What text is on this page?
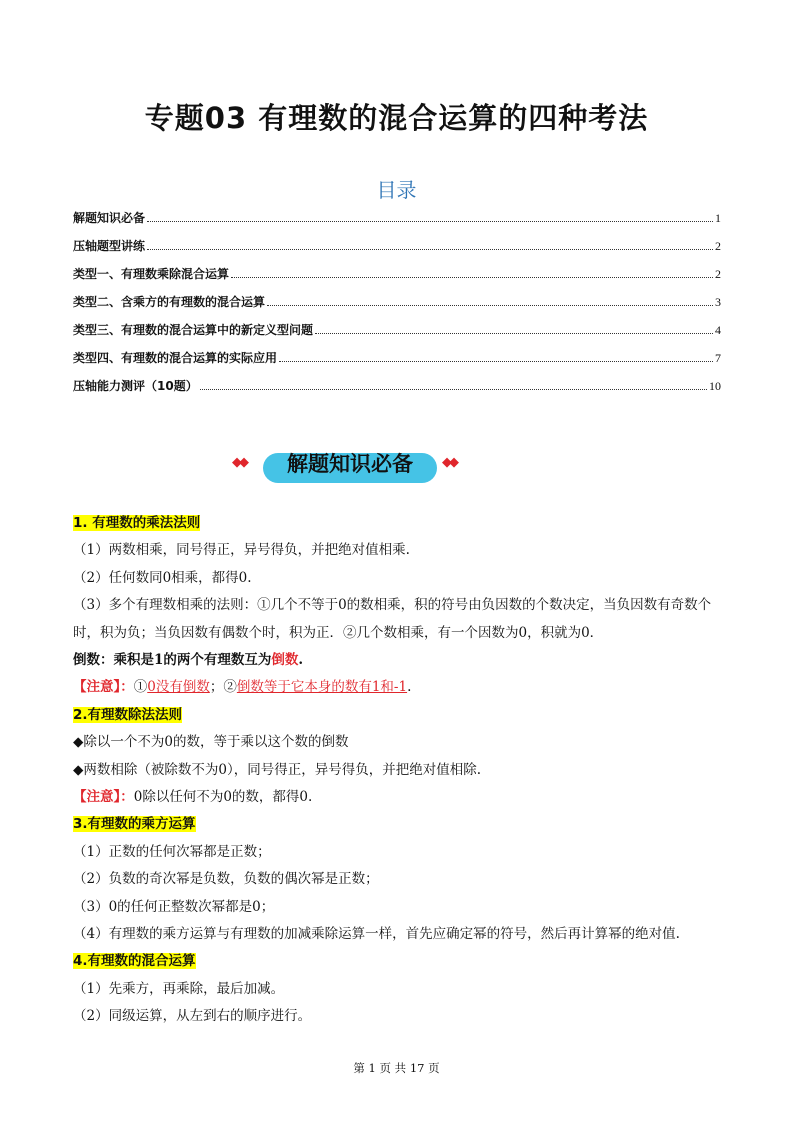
专题03 有理数的混合运算的四种考法
目录
解题知识必备	1
压轴题型讲练	2
类型一、有理数乘除混合运算	2
类型二、含乘方的有理数的混合运算	3
类型三、有理数的混合运算中的新定义型问题	4
类型四、有理数的混合运算的实际应用	7
压轴能力测评（10题）	10
◆◆	解题知识必备	◆◆
1. 有理数的乘法法则
（1）两数相乘，同号得正，异号得负，并把绝对值相乘.
（2）任何数同0相乘，都得0.
（3）多个有理数相乘的法则：①几个不等于0的数相乘，积的符号由负因数的个数决定，当负因数有奇数个时，积为负；当负因数有偶数个时，积为正．②几个数相乘，有一个因数为0，积就为0．
倒数：乘积是1的两个有理数互为倒数.
【注意】：①0没有倒数；②倒数等于它本身的数有1和-1.
2.有理数除法法则
◆除以一个不为0的数，等于乘以这个数的倒数
◆两数相除（被除数不为0），同号得正，异号得负，并把绝对值相除.
【注意】：0除以任何不为0的数，都得0.
3.有理数的乘方运算
（1）正数的任何次幂都是正数；
（2）负数的奇次幂是负数，负数的偶次幂是正数；
（3）0的任何正整数次幂都是0；
（4）有理数的乘方运算与有理数的加减乘除运算一样，首先应确定幂的符号，然后再计算幂的绝对值.
4.有理数的混合运算
（1）先乘方，再乘除，最后加减。
（2）同级运算，从左到右的顺序进行。
第 1 页 共 17 页
